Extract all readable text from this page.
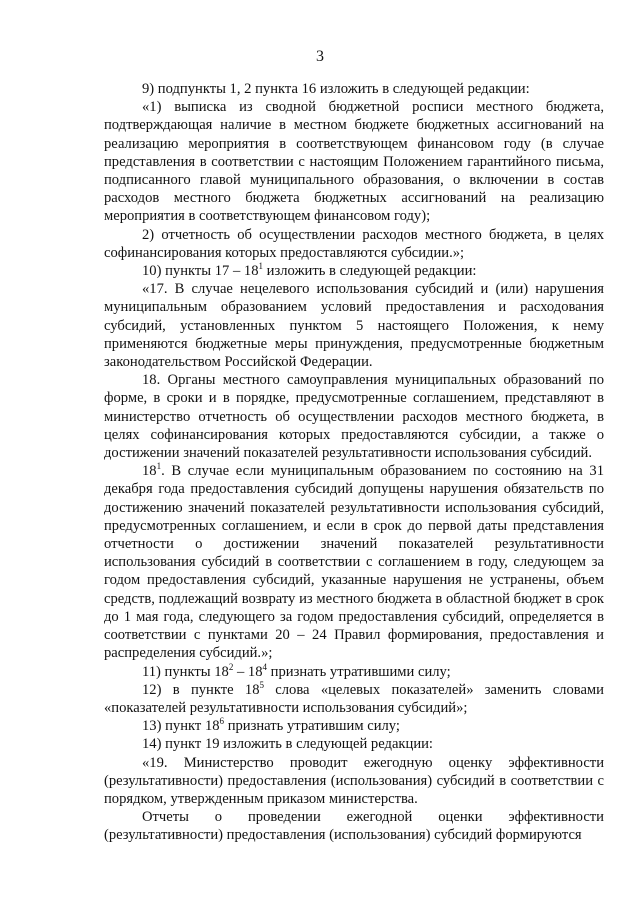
3

9) подпункты 1, 2 пункта 16 изложить в следующей редакции:

«1) выписка из сводной бюджетной росписи местного бюджета, подтверждающая наличие в местном бюджете бюджетных ассигнований на реализацию мероприятия в соответствующем финансовом году (в случае представления в соответствии с настоящим Положением гарантийного письма, подписанного главой муниципального образования, о включении в состав расходов местного бюджета бюджетных ассигнований на реализацию мероприятия в соответствующем финансовом году);

2) отчетность об осуществлении расходов местного бюджета, в целях софинансирования которых предоставляются субсидии.»;

10) пункты $17 - 18^1$ изложить в следующей редакции:

«17. В случае нецелевого использования субсидий и (или) нарушения муниципальным образованием условий предоставления и расходования субсидий, установленных пунктом 5 настоящего Положения, к нему применяются бюджетные меры принуждения, предусмотренные бюджетным законодательством Российской Федерации.

18. Органы местного самоуправления муниципальных образований по форме, в сроки и в порядке, предусмотренные соглашением, представляют в министерство отчетность об осуществлении расходов местного бюджета, в целях софинансирования которых предоставляются субсидии, а также о достижении значений показателей результативности использования субсидий.

$18^1$. В случае если муниципальным образованием по состоянию на 31 декабря года предоставления субсидий допущены нарушения обязательств по достижению значений показателей результативности использования субсидий, предусмотренных соглашением, и если в срок до первой даты представления отчетности о достижении значений показателей результативности использования субсидий в соответствии с соглашением в году, следующем за годом предоставления субсидий, указанные нарушения не устранены, объем средств, подлежащий возврату из местного бюджета в областной бюджет в срок до 1 мая года, следующего за годом предоставления субсидий, определяется в соответствии с пунктами 20 – 24 Правил формирования, предоставления и распределения субсидий.»;

11) пункты $18^2 - 18^4$ признать утратившими силу;

12) в пункте $18^5$ слова «целевых показателей» заменить словами «показателей результативности использования субсидий»;

13) пункт $18^6$ признать утратившим силу;

14) пункт 19 изложить в следующей редакции:

«19. Министерство проводит ежегодную оценку эффективности (результативности) предоставления (использования) субсидий в соответствии с порядком, утвержденным приказом министерства.

Отчеты о проведении ежегодной оценки эффективности (результативности) предоставления (использования) субсидий формируются
